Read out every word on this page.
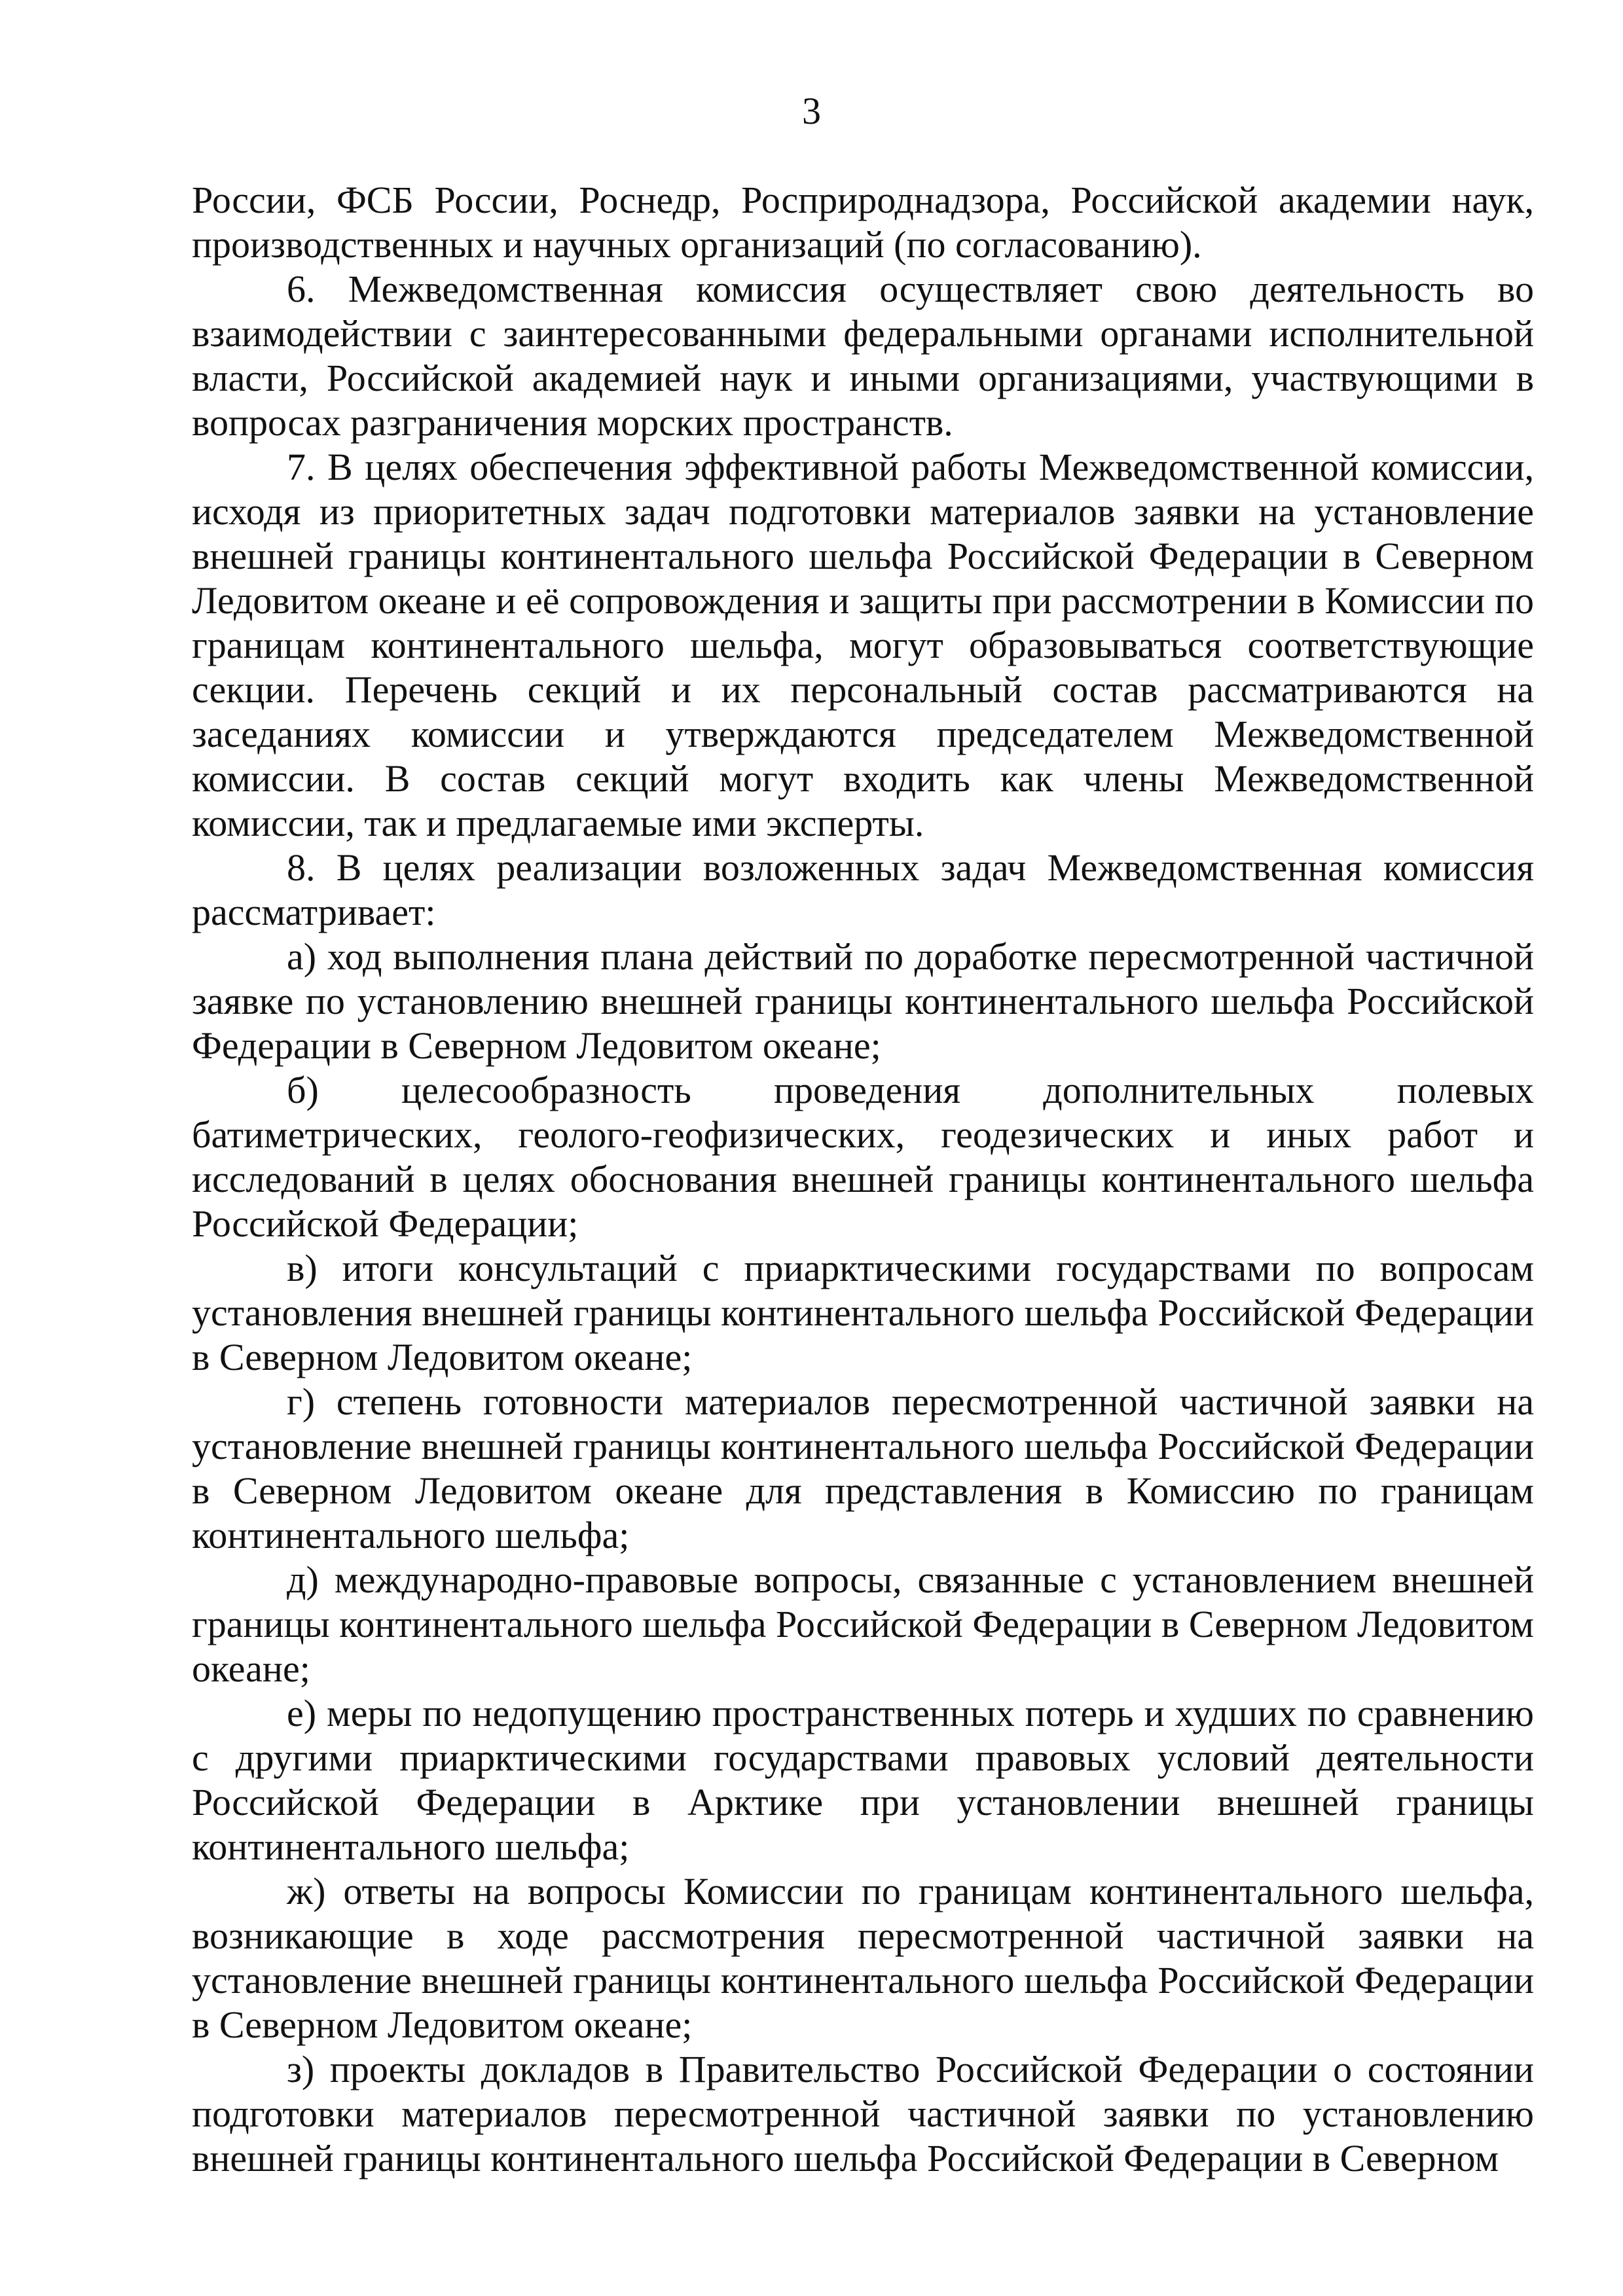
3

России, ФСБ России, Роснедр, Росприроднадзора, Российской академии наук, производственных и научных организаций (по согласованию).

6. Межведомственная комиссия осуществляет свою деятельность во взаимодействии с заинтересованными федеральными органами исполнительной власти, Российской академией наук и иными организациями, участвующими в вопросах разграничения морских пространств.

7. В целях обеспечения эффективной работы Межведомственной комиссии, исходя из приоритетных задач подготовки материалов заявки на установление внешней границы континентального шельфа Российской Федерации в Северном Ледовитом океане и её сопровождения и защиты при рассмотрении в Комиссии по границам континентального шельфа, могут образовываться соответствующие секции. Перечень секций и их персональный состав рассматриваются на заседаниях комиссии и утверждаются председателем Межведомственной комиссии. В состав секций могут входить как члены Межведомственной комиссии, так и предлагаемые ими эксперты.

8. В целях реализации возложенных задач Межведомственная комиссия рассматривает:

а) ход выполнения плана действий по доработке пересмотренной частичной заявке по установлению внешней границы континентального шельфа Российской Федерации в Северном Ледовитом океане;

б) целесообразность проведения дополнительных полевых батиметрических, геолого-геофизических, геодезических и иных работ и исследований в целях обоснования внешней границы континентального шельфа Российской Федерации;

в) итоги консультаций с приарктическими государствами по вопросам установления внешней границы континентального шельфа Российской Федерации в Северном Ледовитом океане;

г) степень готовности материалов пересмотренной частичной заявки на установление внешней границы континентального шельфа Российской Федерации в Северном Ледовитом океане для представления в Комиссию по границам континентального шельфа;

д) международно-правовые вопросы, связанные с установлением внешней границы континентального шельфа Российской Федерации в Северном Ледовитом океане;

е) меры по недопущению пространственных потерь и худших по сравнению с другими приарктическими государствами правовых условий деятельности Российской Федерации в Арктике при установлении внешней границы континентального шельфа;

ж) ответы на вопросы Комиссии по границам континентального шельфа, возникающие в ходе рассмотрения пересмотренной частичной заявки на установление внешней границы континентального шельфа Российской Федерации в Северном Ледовитом океане;

з) проекты докладов в Правительство Российской Федерации о состоянии подготовки материалов пересмотренной частичной заявки по установлению внешней границы континентального шельфа Российской Федерации в Северном
